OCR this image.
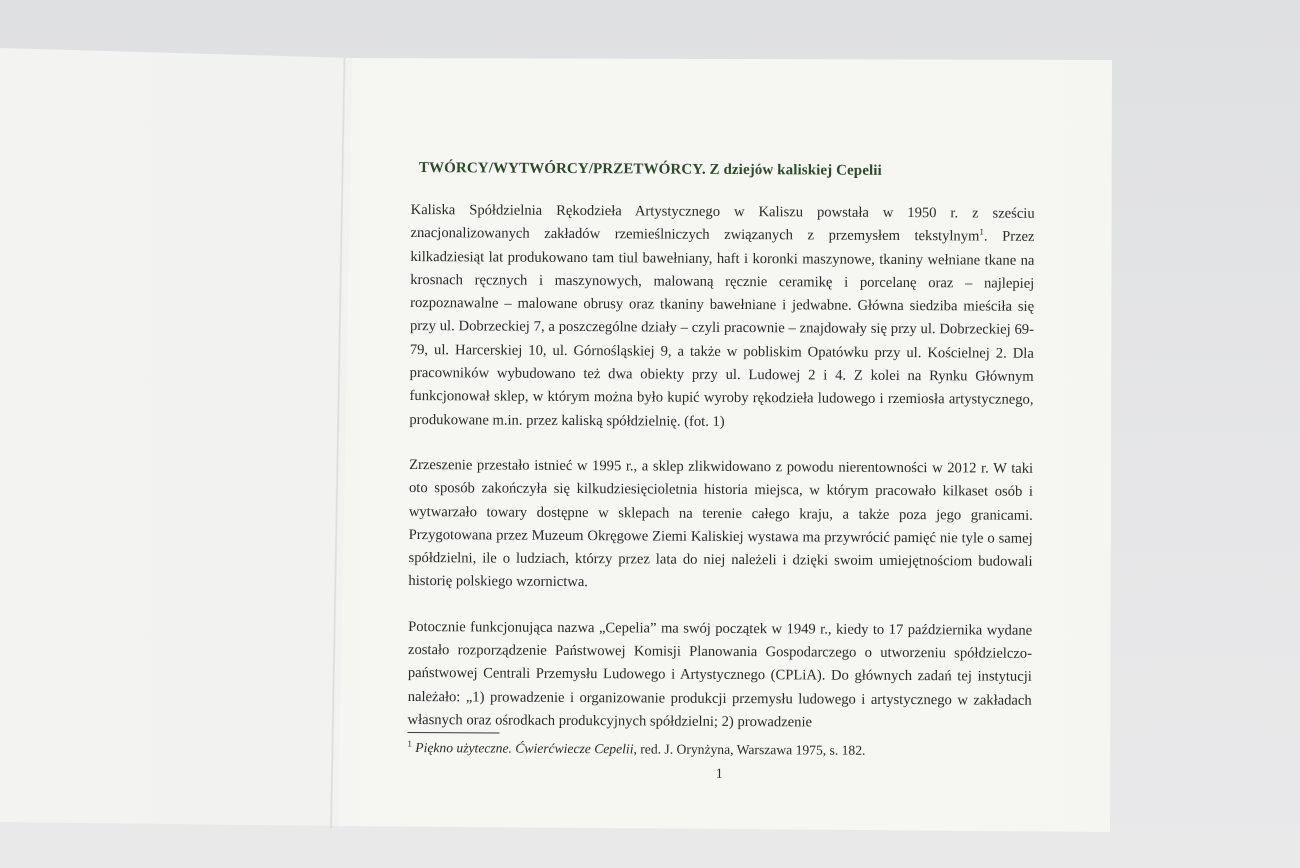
TWÓRCY/WYTWÓRCY/PRZETWÓRCY. Z dziejów kaliskiej Cepelii

Kaliska Spółdzielnia Rękodzieła Artystycznego w Kaliszu powstała w 1950 r. z sześciu znacjonalizowanych zakładów rzemieślniczych związanych z przemysłem tekstylnym$^1$. Przez kilkadziesiąt lat produkowano tam tiul bawełniany, haft i koronki maszynowe, tkaniny wełniane tkane na krosnach ręcznych i maszynowych, malowaną ręcznie ceramikę i porcelanę oraz – najlepiej rozpoznawalne – malowane obrusy oraz tkaniny bawełniane i jedwabne. Główna siedziba mieściła się przy ul. Dobrzeckiej 7, a poszczególne działy – czyli pracownie – znajdowały się przy ul. Dobrzeckiej 69-79, ul. Harcerskiej 10, ul. Górnośląskiej 9, a także w pobliskim Opatówku przy ul. Kościelnej 2. Dla pracowników wybudowano też dwa obiekty przy ul. Ludowej 2 i 4. Z kolei na Rynku Głównym funkcjonował sklep, w którym można było kupić wyroby rękodzieła ludowego i rzemiosła artystycznego, produkowane m.in. przez kaliską spółdzielnię. (fot. 1)

Zrzeszenie przestało istnieć w 1995 r., a sklep zlikwidowano z powodu nierentowności w 2012 r. W taki oto sposób zakończyła się kilkudziesięcioletnia historia miejsca, w którym pracowało kilkaset osób i wytwarzało towary dostępne w sklepach na terenie całego kraju, a także poza jego granicami. Przygotowana przez Muzeum Okręgowe Ziemi Kaliskiej wystawa ma przywrócić pamięć nie tyle o samej spółdzielni, ile o ludziach, którzy przez lata do niej należeli i dzięki swoim umiejętnościom budowali historię polskiego wzornictwa.

Potocznie funkcjonująca nazwa „Cepelia” ma swój początek w 1949 r., kiedy to 17 października wydane zostało rozporządzenie Państwowej Komisji Planowania Gospodarczego o utworzeniu spółdzielczo-państwowej Centrali Przemysłu Ludowego i Artystycznego (CPLiA). Do głównych zadań tej instytucji należało: „1) prowadzenie i organizowanie produkcji przemysłu ludowego i artystycznego w zakładach własnych oraz ośrodkach produkcyjnych spółdzielni; 2) prowadzenie

$^1$ Piękno użyteczne. Ćwierćwiecze Cepelii, red. J. Orynżyna, Warszawa 1975, s. 182.

1
